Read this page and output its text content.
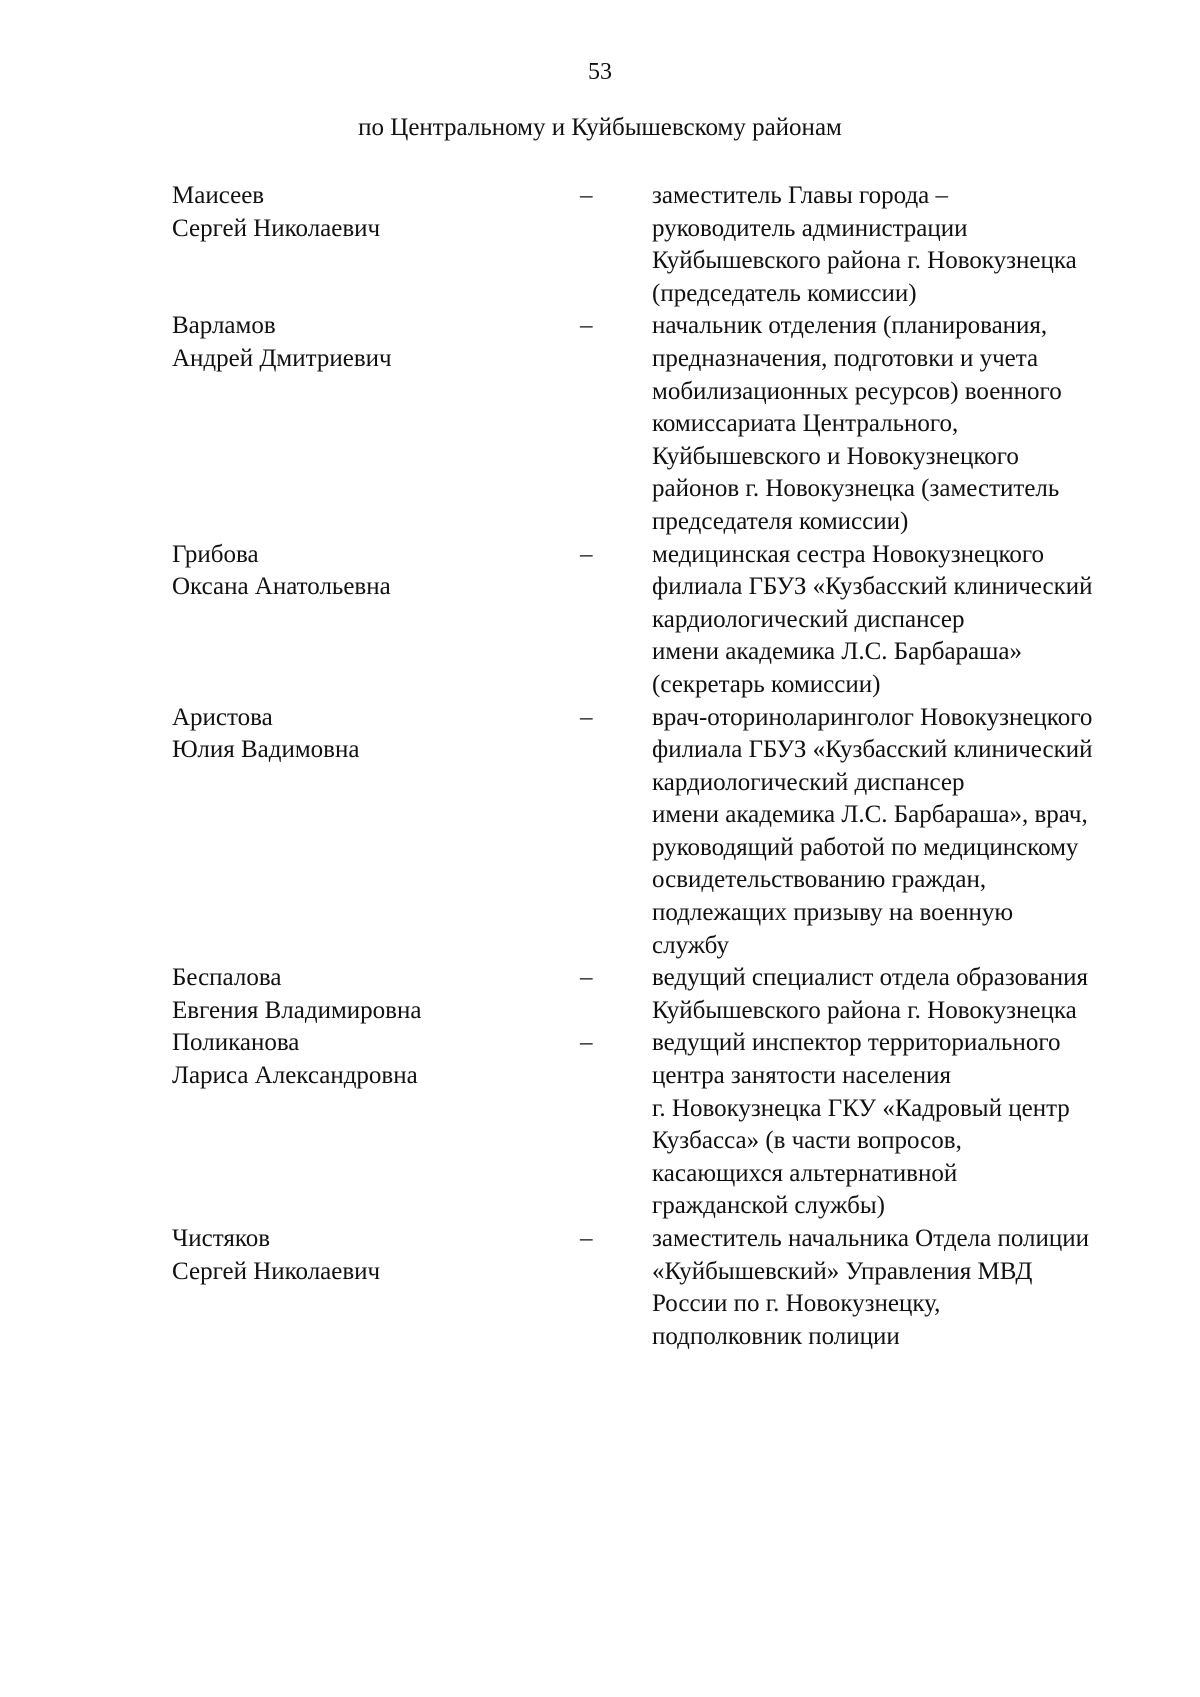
53
по Центральному и Куйбышевскому районам
Маисеев
Сергей Николаевич
–	заместитель Главы города –
руководитель администрации
Куйбышевского района г. Новокузнецка
(председатель комиссии)
Варламов
Андрей Дмитриевич
–	начальник отделения (планирования,
предназначения, подготовки и учета
мобилизационных ресурсов) военного
комиссариата Центрального,
Куйбышевского и Новокузнецкого
районов г. Новокузнецка (заместитель
председателя комиссии)
Грибова
Оксана Анатольевна
–	медицинская сестра Новокузнецкого
филиала ГБУЗ «Кузбасский клинический
кардиологический диспансер
имени академика Л.С. Барбараша»
(секретарь комиссии)
Аристова
Юлия Вадимовна
–	врач-оториноларинголог Новокузнецкого
филиала ГБУЗ «Кузбасский клинический
кардиологический диспансер
имени академика Л.С. Барбараша», врач,
руководящий работой по медицинскому
освидетельствованию граждан,
подлежащих призыву на военную
службу
Беспалова
Евгения Владимировна
–	ведущий специалист отдела образования
Куйбышевского района г. Новокузнецка
Поликанова
Лариса Александровна
–	ведущий инспектор территориального
центра занятости населения
г. Новокузнецка ГКУ «Кадровый центр
Кузбасса» (в части вопросов,
касающихся альтернативной
гражданской службы)
Чистяков
Сергей Николаевич
–	заместитель начальника Отдела полиции
«Куйбышевский» Управления МВД
России по г. Новокузнецку,
подполковник полиции
